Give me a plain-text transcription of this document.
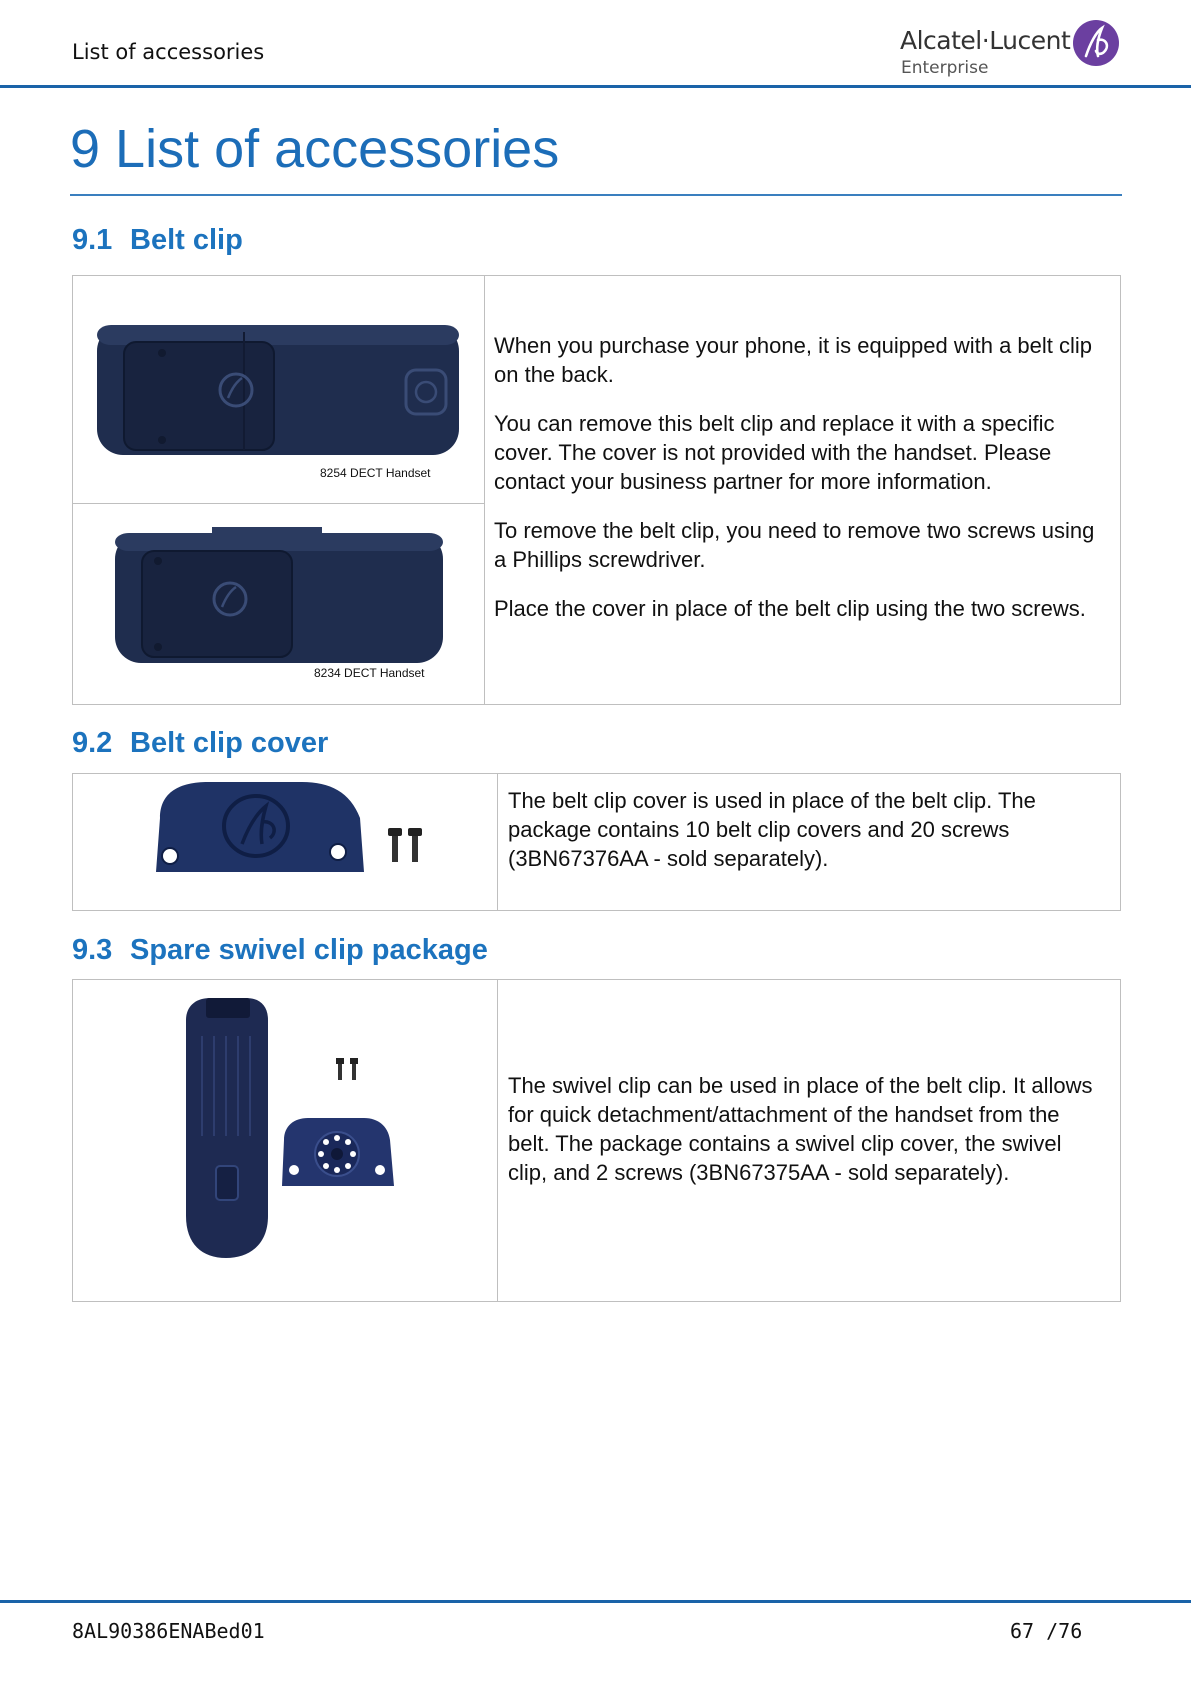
List of accessories	Alcatel·Lucent
Enterprise
9 List of accessories
9.1 Belt clip
8254 DECT Handset
8234 DECT Handset

When you purchase your phone, it is equipped with a belt clip on the back.

You can remove this belt clip and replace it with a specific cover. The cover is not provided with the handset. Please contact your business partner for more information.

To remove the belt clip, you need to remove two screws using a Phillips screwdriver.

Place the cover in place of the belt clip using the two screws.

9.2 Belt clip cover

The belt clip cover is used in place of the belt clip. The package contains 10 belt clip covers and 20 screws (3BN67376AA - sold separately).

9.3 Spare swivel clip package

The swivel clip can be used in place of the belt clip. It allows for quick detachment/attachment of the handset from the belt. The package contains a swivel clip cover, the swivel clip, and 2 screws (3BN67375AA - sold separately).

8AL90386ENABed01	67 /76
